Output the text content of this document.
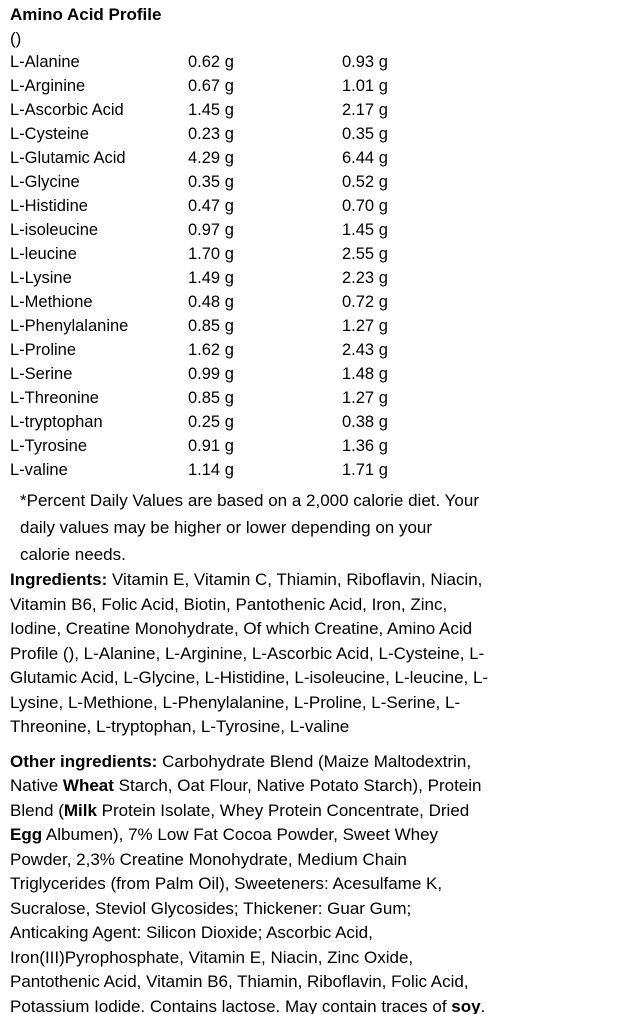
Amino Acid Profile
()
L-Alanine	0.62 g	0.93 g
L-Arginine	0.67 g	1.01 g
L-Ascorbic Acid	1.45 g	2.17 g
L-Cysteine	0.23 g	0.35 g
L-Glutamic Acid	4.29 g	6.44 g
L-Glycine	0.35 g	0.52 g
L-Histidine	0.47 g	0.70 g
L-isoleucine	0.97 g	1.45 g
L-leucine	1.70 g	2.55 g
L-Lysine	1.49 g	2.23 g
L-Methione	0.48 g	0.72 g
L-Phenylalanine	0.85 g	1.27 g
L-Proline	1.62 g	2.43 g
L-Serine	0.99 g	1.48 g
L-Threonine	0.85 g	1.27 g
L-tryptophan	0.25 g	0.38 g
L-Tyrosine	0.91 g	1.36 g
L-valine	1.14 g	1.71 g
*Percent Daily Values are based on a 2,000 calorie diet. Your
daily values may be higher or lower depending on your
calorie needs.
Ingredients: Vitamin E, Vitamin C, Thiamin, Riboflavin, Niacin,
Vitamin B6, Folic Acid, Biotin, Pantothenic Acid, Iron, Zinc,
Iodine, Creatine Monohydrate, Of which Creatine, Amino Acid
Profile (), L-Alanine, L-Arginine, L-Ascorbic Acid, L-Cysteine, L-
Glutamic Acid, L-Glycine, L-Histidine, L-isoleucine, L-leucine, L-
Lysine, L-Methione, L-Phenylalanine, L-Proline, L-Serine, L-
Threonine, L-tryptophan, L-Tyrosine, L-valine
Other ingredients: Carbohydrate Blend (Maize Maltodextrin,
Native Wheat Starch, Oat Flour, Native Potato Starch), Protein
Blend (Milk Protein Isolate, Whey Protein Concentrate, Dried
Egg Albumen), 7% Low Fat Cocoa Powder, Sweet Whey
Powder, 2,3% Creatine Monohydrate, Medium Chain
Triglycerides (from Palm Oil), Sweeteners: Acesulfame K,
Sucralose, Steviol Glycosides; Thickener: Guar Gum;
Anticaking Agent: Silicon Dioxide; Ascorbic Acid,
Iron(III)Pyrophosphate, Vitamin E, Niacin, Zinc Oxide,
Pantothenic Acid, Vitamin B6, Thiamin, Riboflavin, Folic Acid,
Potassium Iodide. Contains lactose. May contain traces of soy.
